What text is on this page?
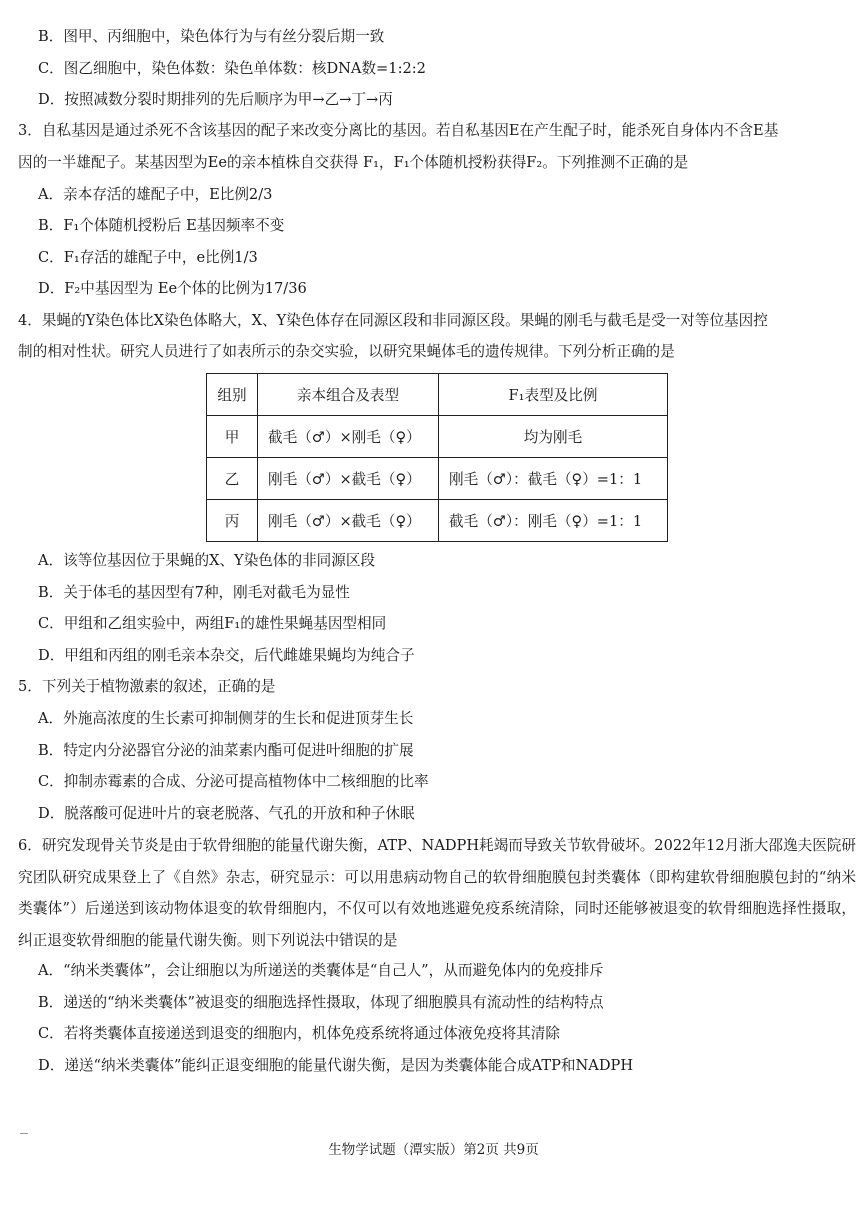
B．图甲、丙细胞中，染色体行为与有丝分裂后期一致
C．图乙细胞中，染色体数：染色单体数：核DNA数=1:2:2
D．按照减数分裂时期排列的先后顺序为甲→乙→丁→丙
3．自私基因是通过杀死不含该基因的配子来改变分离比的基因。若自私基因E在产生配子时，能杀死自身体内不含E基
因的一半雄配子。某基因型为Ee的亲本植株自交获得 F₁，F₁个体随机授粉获得F₂。下列推测不正确的是
A．亲本存活的雄配子中，E比例2/3
B．F₁个体随机授粉后 E基因频率不变
C．F₁存活的雄配子中，e比例1/3
D．F₂中基因型为 Ee个体的比例为17/36
4．果蝇的Y染色体比X染色体略大，X、Y染色体存在同源区段和非同源区段。果蝇的刚毛与截毛是受一对等位基因控
制的相对性状。研究人员进行了如表所示的杂交实验，以研究果蝇体毛的遗传规律。下列分析正确的是
组别	亲本组合及表型	F₁表型及比例
甲	截毛（♂）×刚毛（♀）	均为刚毛
乙	刚毛（♂）×截毛（♀）	刚毛（♂）：截毛（♀）=1：1
丙	刚毛（♂）×截毛（♀）	截毛（♂）：刚毛（♀）=1：1
A．该等位基因位于果蝇的X、Y染色体的非同源区段
B．关于体毛的基因型有7种，刚毛对截毛为显性
C．甲组和乙组实验中，两组F₁的雄性果蝇基因型相同
D．甲组和丙组的刚毛亲本杂交，后代雌雄果蝇均为纯合子
5．下列关于植物激素的叙述，正确的是
A．外施高浓度的生长素可抑制侧芽的生长和促进顶芽生长
B．特定内分泌器官分泌的油菜素内酯可促进叶细胞的扩展
C．抑制赤霉素的合成、分泌可提高植物体中二核细胞的比率
D．脱落酸可促进叶片的衰老脱落、气孔的开放和种子休眠
6．研究发现骨关节炎是由于软骨细胞的能量代谢失衡，ATP、NADPH耗竭而导致关节软骨破坏。2022年12月浙大邵逸夫医院研究团队研究成果登上了《自然》杂志，研究显示：可以用患病动物自己的软骨细胞膜包封类囊体（即构建软骨细胞膜包封的“纳米类囊体”）后递送到该动物体退变的软骨细胞内，不仅可以有效地逃避免疫系统清除，同时还能够被退变的软骨细胞选择性摄取，纠正退变软骨细胞的能量代谢失衡。则下列说法中错误的是
A．“纳米类囊体”，会让细胞以为所递送的类囊体是“自己人”，从而避免体内的免疫排斥
B．递送的“纳米类囊体”被退变的细胞选择性摄取，体现了细胞膜具有流动性的结构特点
C．若将类囊体直接递送到退变的细胞内，机体免疫系统将通过体液免疫将其清除
D．递送“纳米类囊体”能纠正退变细胞的能量代谢失衡，是因为类囊体能合成ATP和NADPH
生物学试题（潭实版）第2页 共9页
